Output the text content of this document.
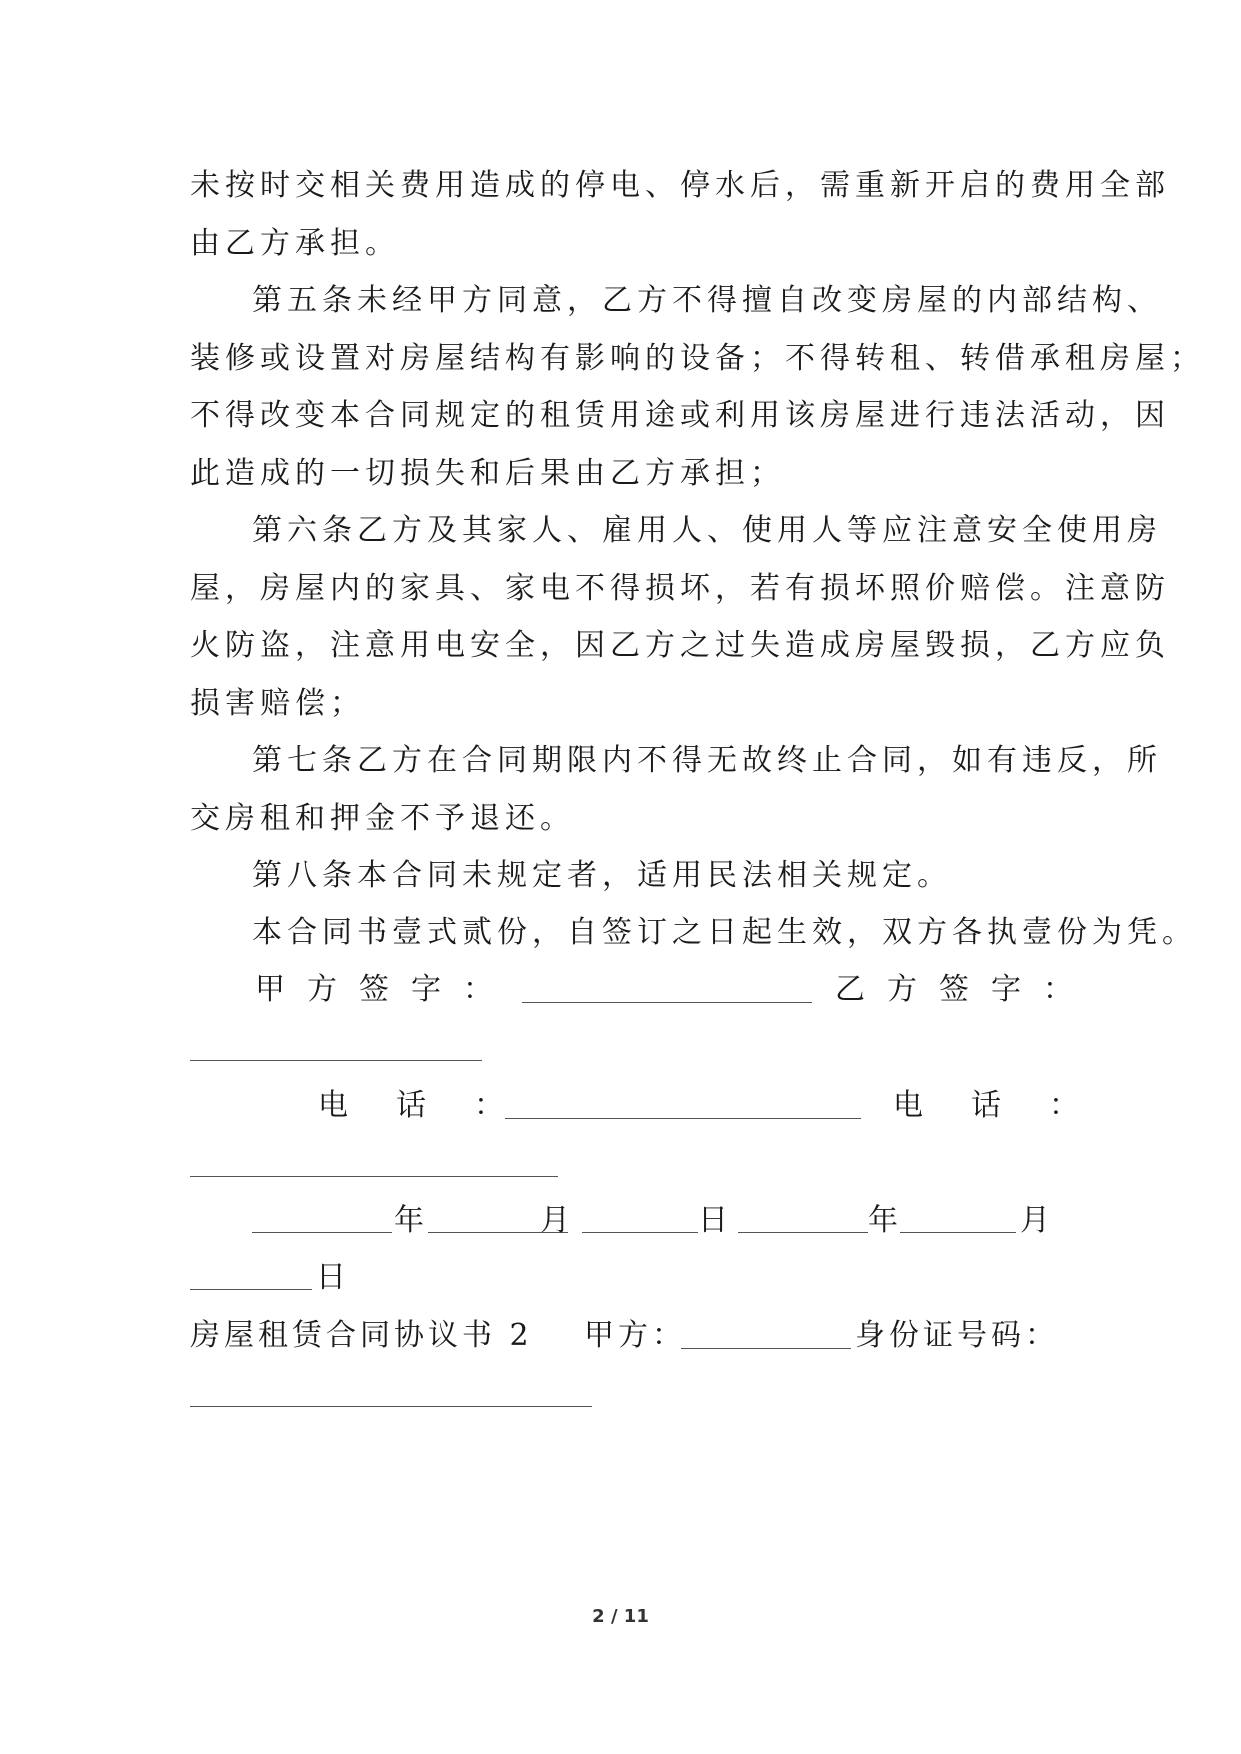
未按时交相关费用造成的停电、停水后，需重新开启的费用全部
由乙方承担。
第五条未经甲方同意，乙方不得擅自改变房屋的内部结构、
装修或设置对房屋结构有影响的设备；不得转租、转借承租房屋；
不得改变本合同规定的租赁用途或利用该房屋进行违法活动，因
此造成的一切损失和后果由乙方承担；
第六条乙方及其家人、雇用人、使用人等应注意安全使用房
屋，房屋内的家具、家电不得损坏，若有损坏照价赔偿。注意防
火防盗，注意用电安全，因乙方之过失造成房屋毁损，乙方应负
损害赔偿；
第七条乙方在合同期限内不得无故终止合同，如有违反，所
交房租和押金不予退还。
第八条本合同未规定者，适用民法相关规定。
本合同书壹式贰份，自签订之日起生效，双方各执壹份为凭。
甲方签字：	乙方签字：
电话：	电话：
年	月	日	年	月
日
房屋租赁合同协议书 2 甲方：	身份证号码：
2 / 11
